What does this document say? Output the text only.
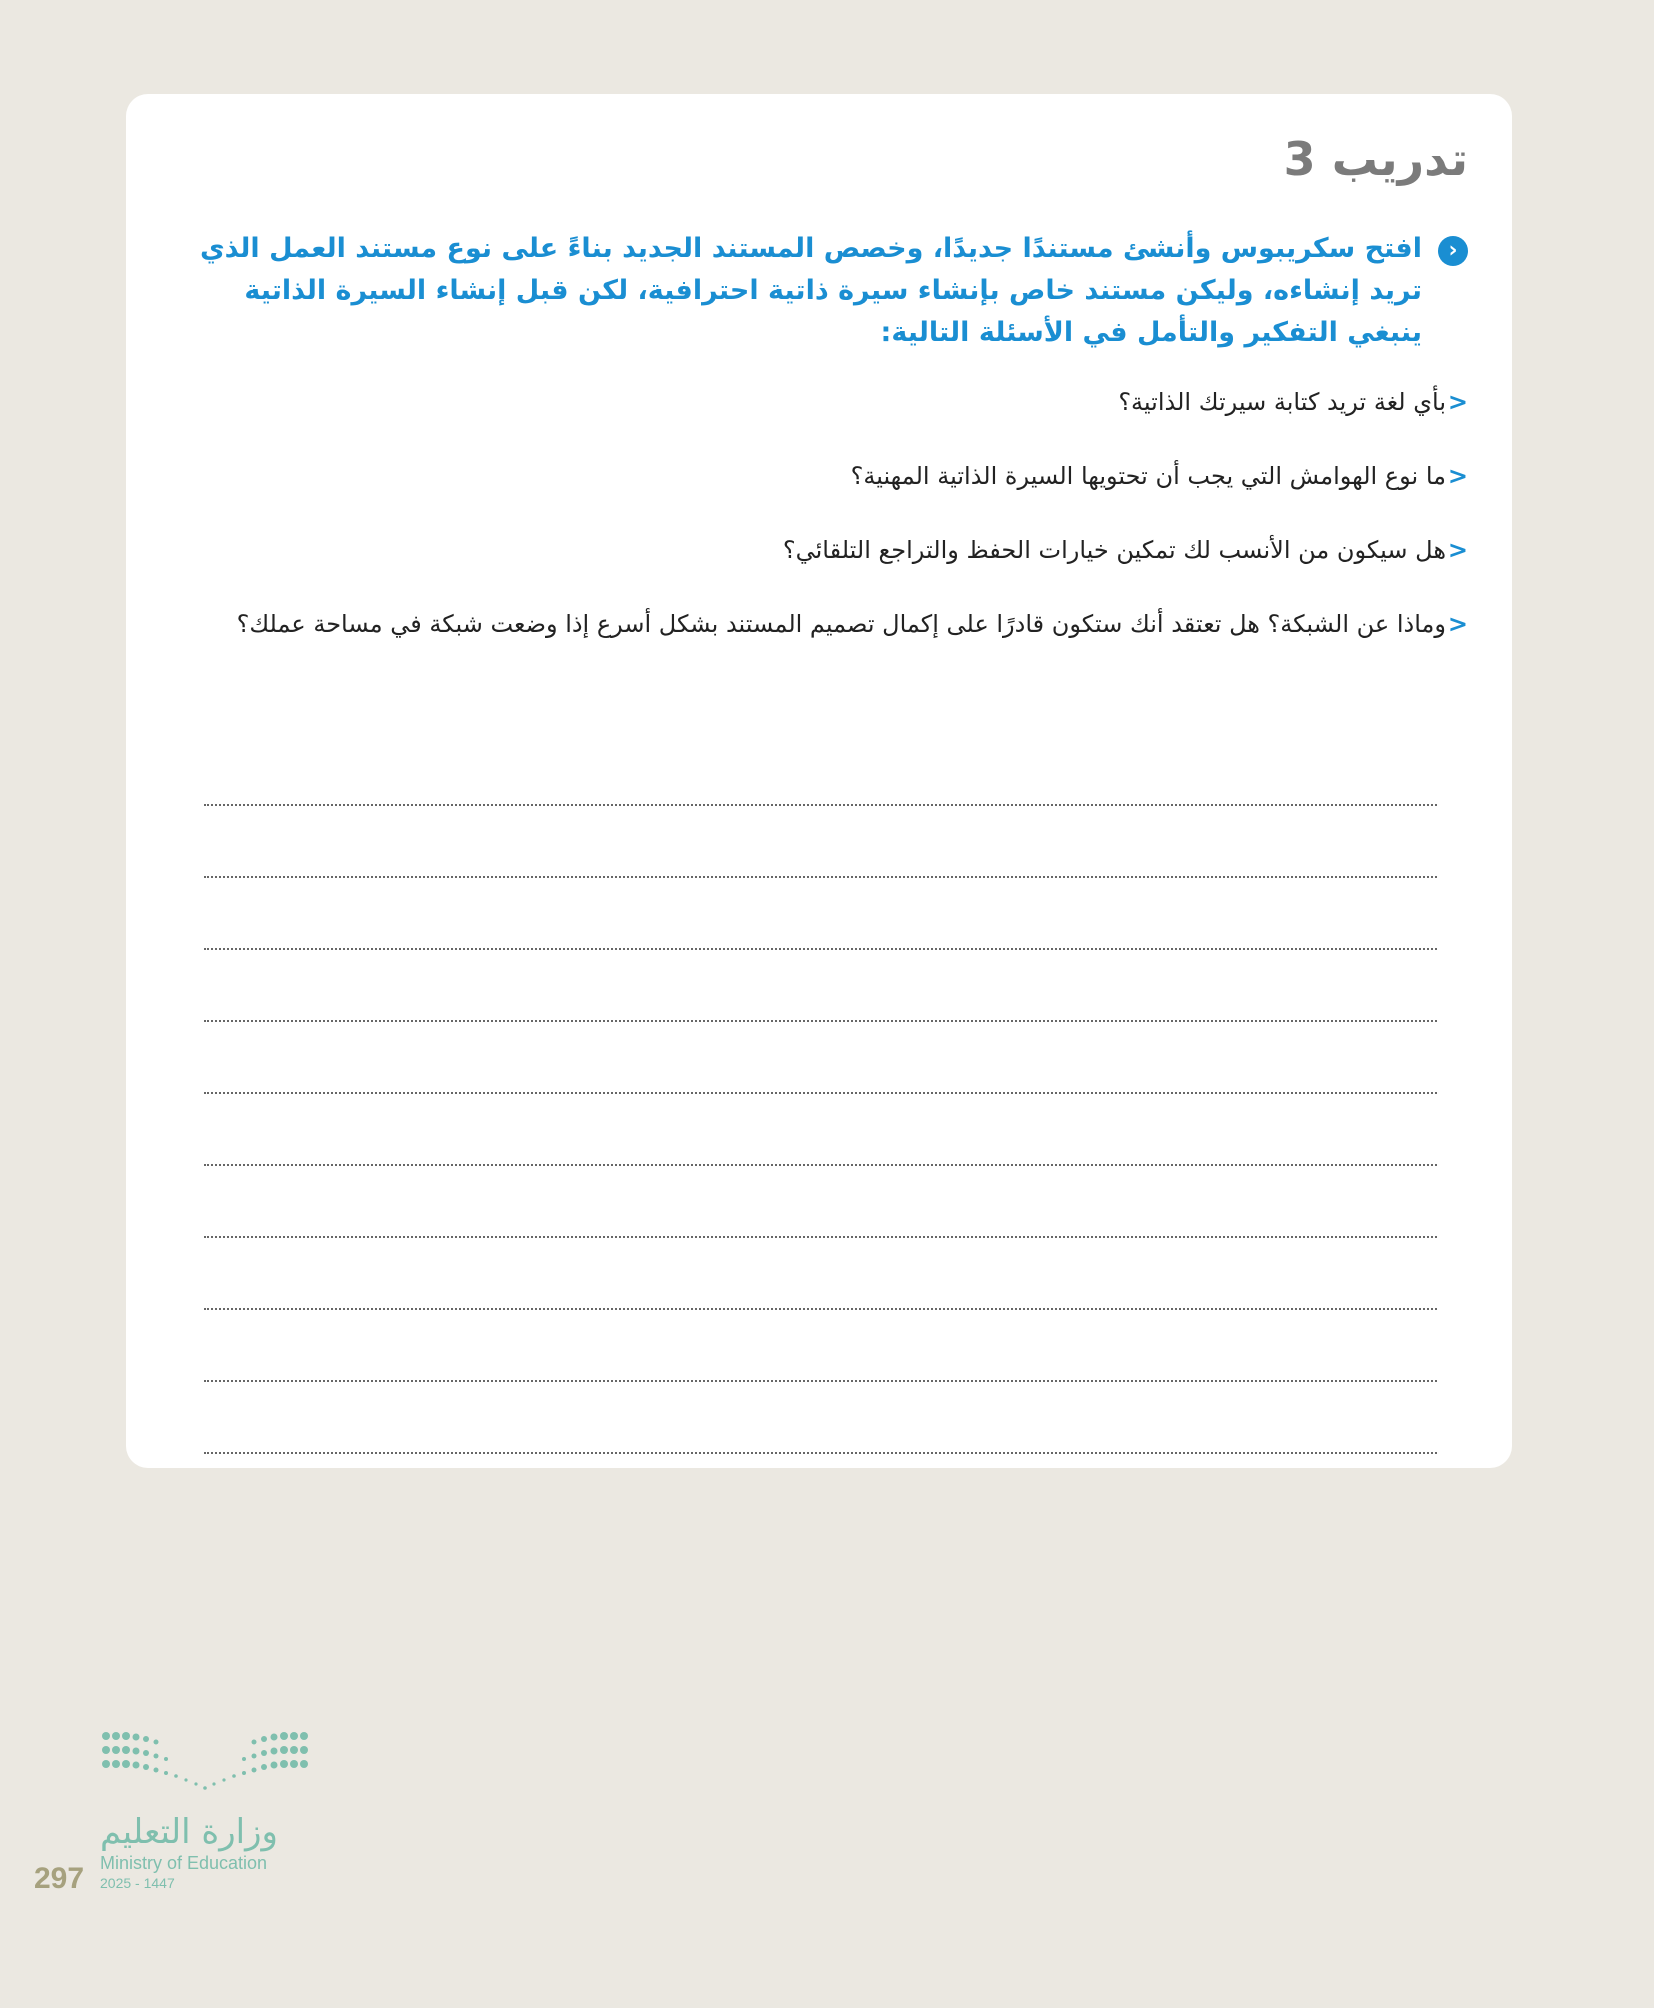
تدريب 3
‹

افتح سكريبوس وأنشئ مستندًا جديدًا، وخصص المستند الجديد بناءً على نوع مستند العمل الذي تريد إنشاءه، وليكن مستند خاص بإنشاء سيرة ذاتية احترافية، لكن قبل إنشاء السيرة الذاتية ينبغي التفكير والتأمل في الأسئلة التالية:

<
بأي لغة تريد كتابة سيرتك الذاتية؟
<
ما نوع الهوامش التي يجب أن تحتويها السيرة الذاتية المهنية؟
<
هل سيكون من الأنسب لك تمكين خيارات الحفظ والتراجع التلقائي؟
<
وماذا عن الشبكة؟ هل تعتقد أنك ستكون قادرًا على إكمال تصميم المستند بشكل أسرع إذا وضعت شبكة في مساحة عملك؟
وزارة التعليم
Ministry of Education
2025 - 1447
297
